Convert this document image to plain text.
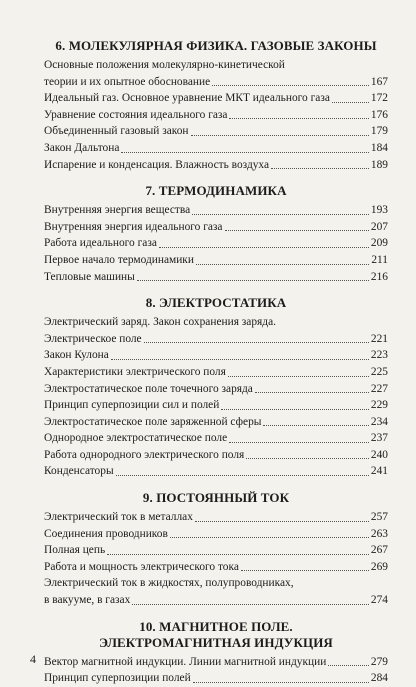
6. МОЛЕКУЛЯРНАЯ ФИЗИКА. ГАЗОВЫЕ ЗАКОНЫ
Основные положения молекулярно-кинетической
теории и их опытное обоснование	167
Идеальный газ. Основное уравнение МКТ идеального газа	172
Уравнение состояния идеального газа	176
Объединенный газовый закон	179
Закон Дальтона	184
Испарение и конденсация. Влажность воздуха	189
7. ТЕРМОДИНАМИКА
Внутренняя энергия вещества	193
Внутренняя энергия идеального газа	207
Работа идеального газа	209
Первое начало термодинамики	211
Тепловые машины	216
8. ЭЛЕКТРОСТАТИКА
Электрический заряд. Закон сохранения заряда.
Электрическое поле	221
Закон Кулона	223
Характеристики электрического поля	225
Электростатическое поле точечного заряда	227
Принцип суперпозиции сил и полей	229
Электростатическое поле заряженной сферы	234
Однородное электростатическое поле	237
Работа однородного электрического поля	240
Конденсаторы	241
9. ПОСТОЯННЫЙ ТОК
Электрический ток в металлах	257
Соединения проводников	263
Полная цепь	267
Работа и мощность электрического тока	269
Электрический ток в жидкостях, полупроводниках,
в вакууме, в газах	274
10. МАГНИТНОЕ ПОЛЕ.
ЭЛЕКТРОМАГНИТНАЯ ИНДУКЦИЯ
Вектор магнитной индукции. Линии магнитной индукции	279
Принцип суперпозиции полей	284
4
